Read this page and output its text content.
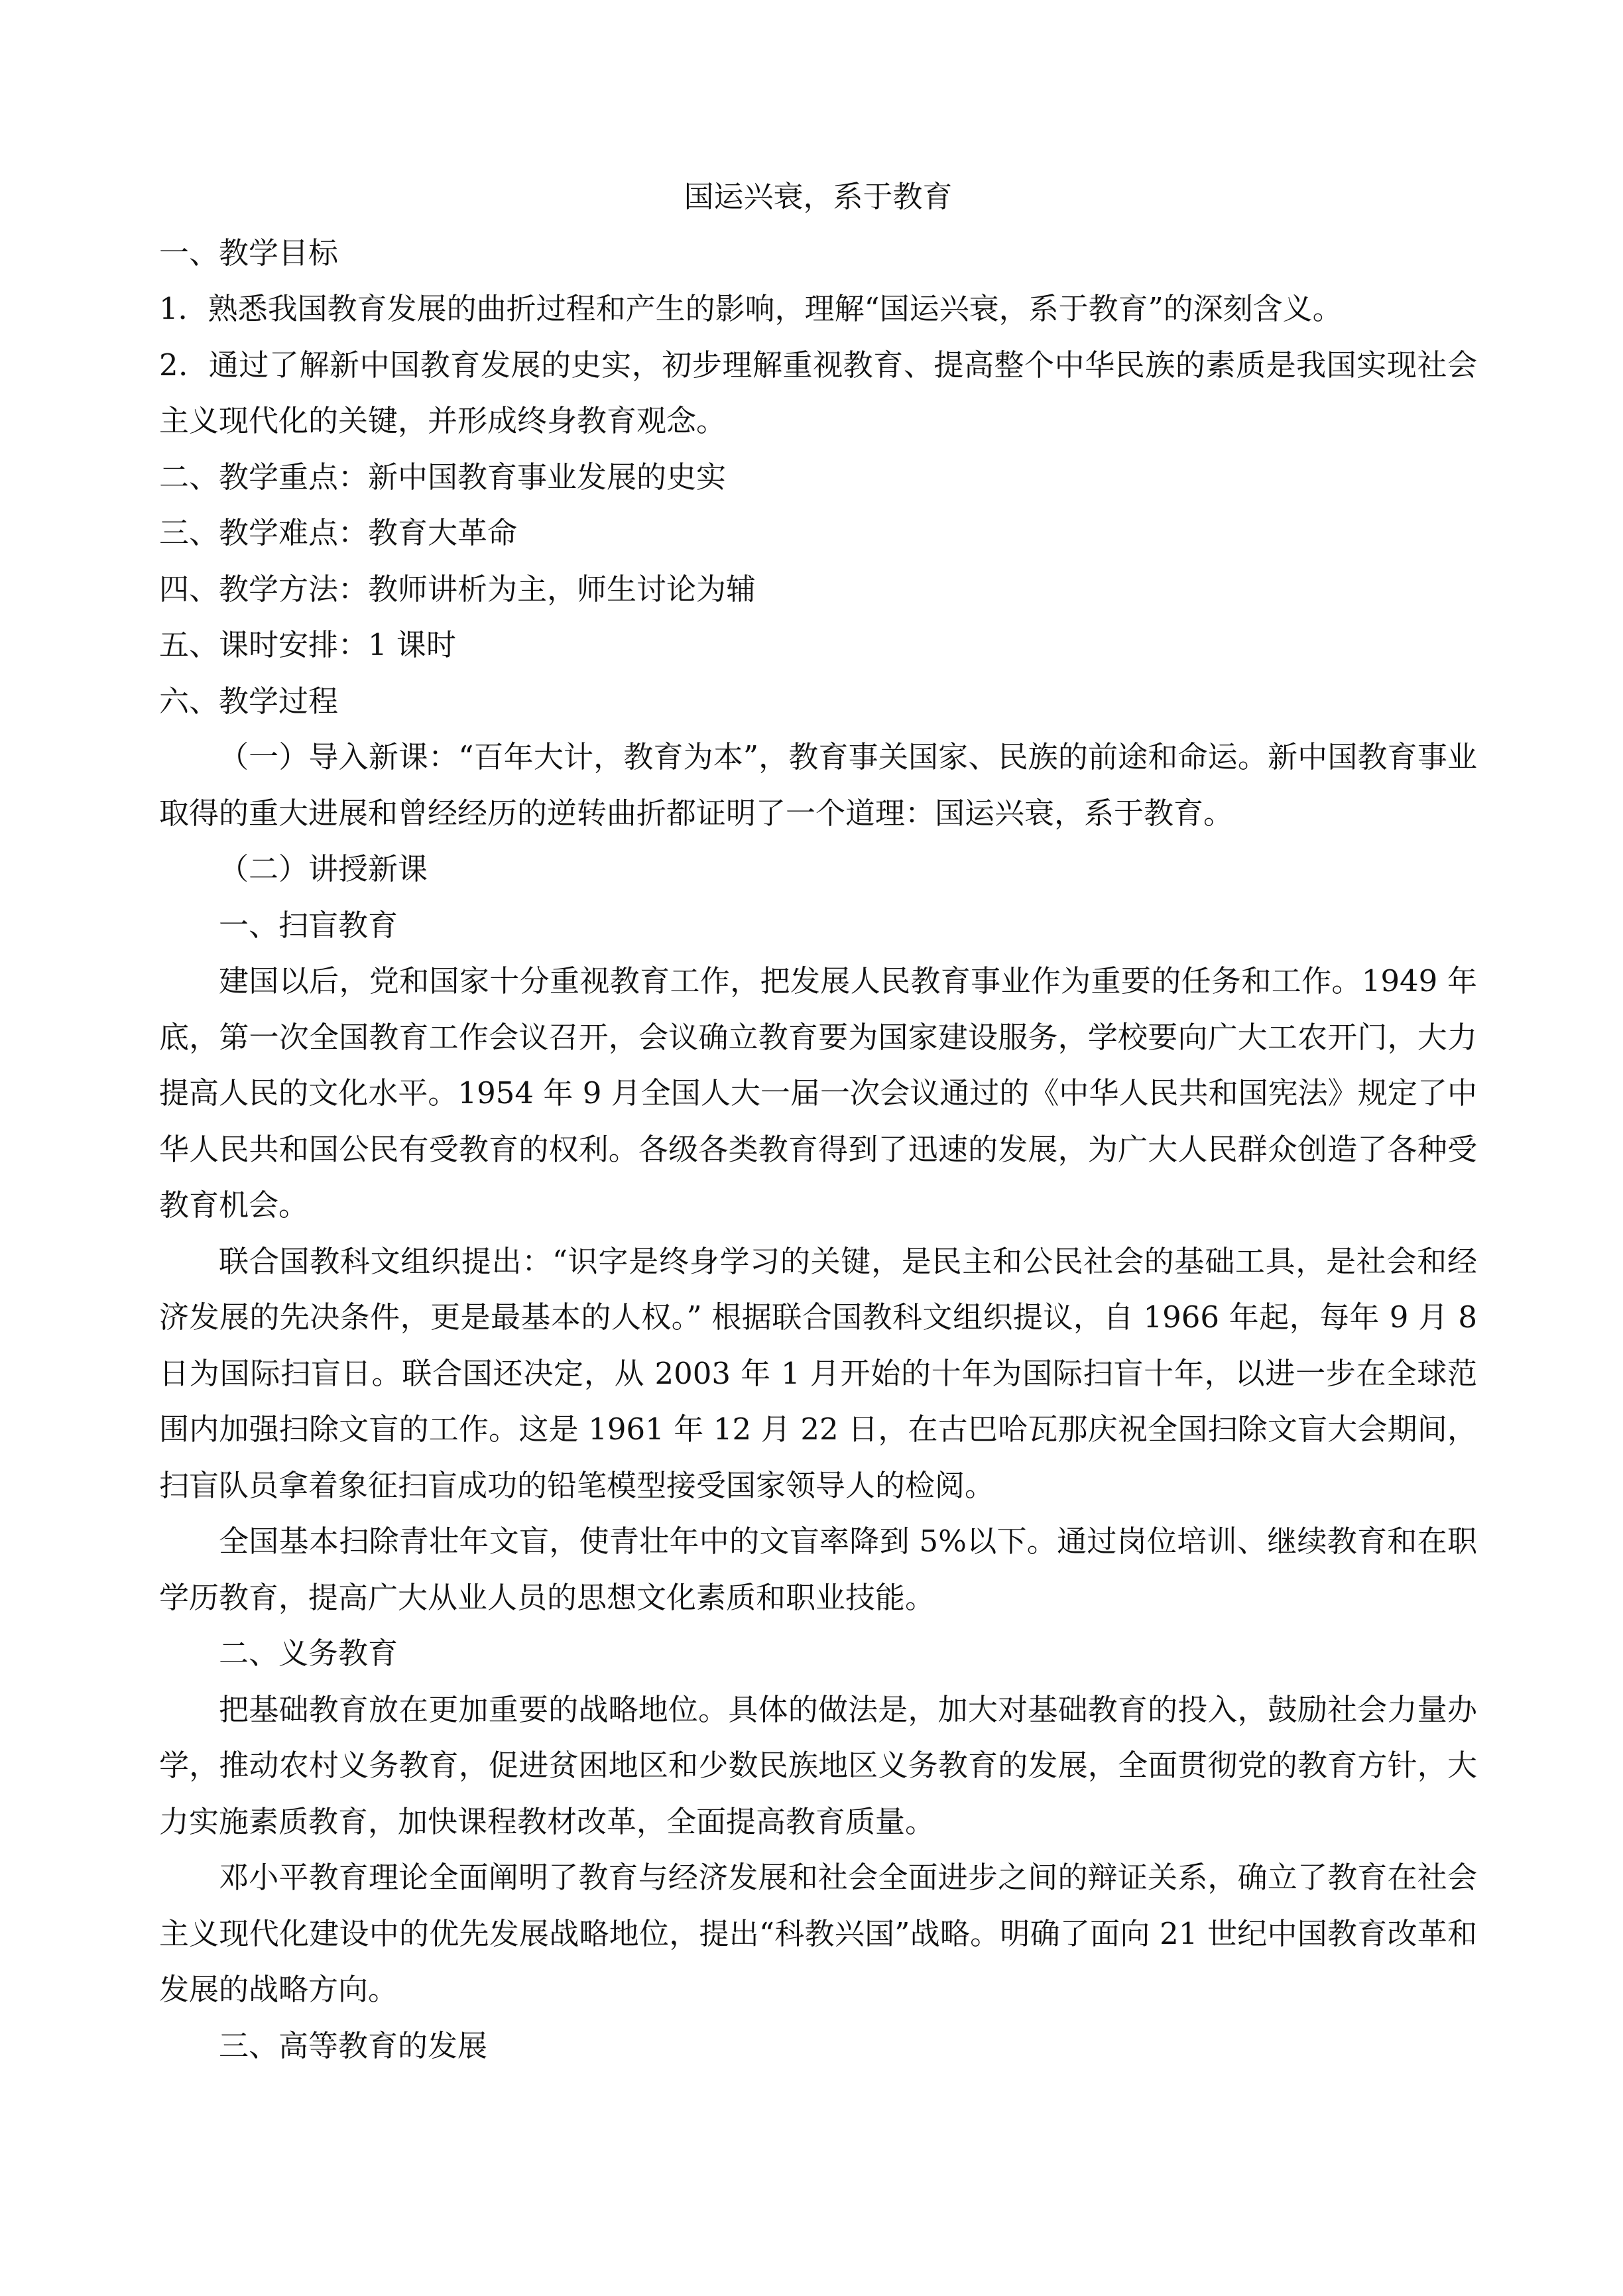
国运兴衰，系于教育

一、教学目标

1．熟悉我国教育发展的曲折过程和产生的影响，理解“国运兴衰，系于教育”的深刻含义。

2．通过了解新中国教育发展的史实，初步理解重视教育、提高整个中华民族的素质是我国实现社会主义现代化的关键，并形成终身教育观念。

二、教学重点：新中国教育事业发展的史实

三、教学难点：教育大革命

四、教学方法：教师讲析为主，师生讨论为辅

五、课时安排：1 课时

六、教学过程

（一）导入新课：“百年大计，教育为本”，教育事关国家、民族的前途和命运。新中国教育事业取得的重大进展和曾经经历的逆转曲折都证明了一个道理：国运兴衰，系于教育。

（二）讲授新课

一、扫盲教育

建国以后，党和国家十分重视教育工作，把发展人民教育事业作为重要的任务和工作。1949 年底，第一次全国教育工作会议召开，会议确立教育要为国家建设服务，学校要向广大工农开门，大力提高人民的文化水平。1954 年 9 月全国人大一届一次会议通过的《中华人民共和国宪法》规定了中华人民共和国公民有受教育的权利。各级各类教育得到了迅速的发展，为广大人民群众创造了各种受教育机会。

联合国教科文组织提出：“识字是终身学习的关键，是民主和公民社会的基础工具，是社会和经济发展的先决条件，更是最基本的人权。” 根据联合国教科文组织提议，自 1966 年起，每年 9 月 8 日为国际扫盲日。联合国还决定，从 2003 年 1 月开始的十年为国际扫盲十年，以进一步在全球范围内加强扫除文盲的工作。这是 1961 年 12 月 22 日，在古巴哈瓦那庆祝全国扫除文盲大会期间，扫盲队员拿着象征扫盲成功的铅笔模型接受国家领导人的检阅。

全国基本扫除青壮年文盲，使青壮年中的文盲率降到 5%以下。通过岗位培训、继续教育和在职学历教育，提高广大从业人员的思想文化素质和职业技能。

二、义务教育

把基础教育放在更加重要的战略地位。具体的做法是，加大对基础教育的投入，鼓励社会力量办学，推动农村义务教育，促进贫困地区和少数民族地区义务教育的发展，全面贯彻党的教育方针，大力实施素质教育，加快课程教材改革，全面提高教育质量。

邓小平教育理论全面阐明了教育与经济发展和社会全面进步之间的辩证关系，确立了教育在社会主义现代化建设中的优先发展战略地位，提出“科教兴国”战略。明确了面向 21 世纪中国教育改革和发展的战略方向。

三、高等教育的发展
